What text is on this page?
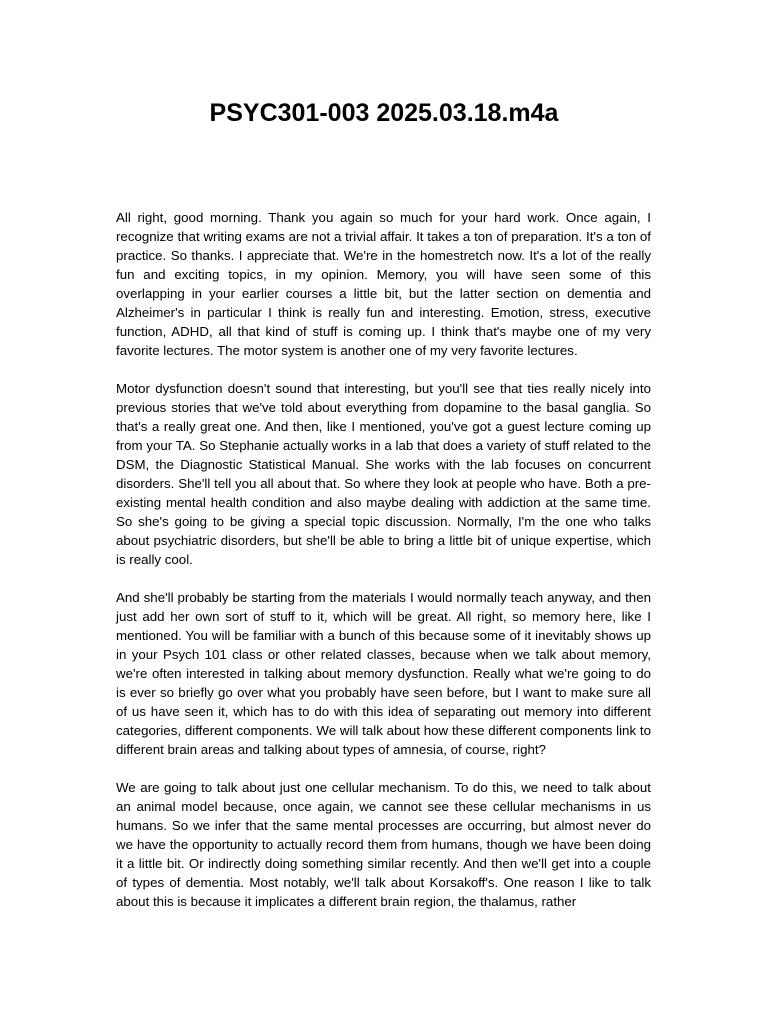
PSYC301-003 2025.03.18.m4a

All right, good morning. Thank you again so much for your hard work. Once again, I recognize that writing exams are not a trivial affair. It takes a ton of preparation. It's a ton of practice. So thanks. I appreciate that. We're in the homestretch now. It's a lot of the really fun and exciting topics, in my opinion. Memory, you will have seen some of this overlapping in your earlier courses a little bit, but the latter section on dementia and Alzheimer's in particular I think is really fun and interesting. Emotion, stress, executive function, ADHD, all that kind of stuff is coming up. I think that's maybe one of my very favorite lectures. The motor system is another one of my very favorite lectures.

Motor dysfunction doesn't sound that interesting, but you'll see that ties really nicely into previous stories that we've told about everything from dopamine to the basal ganglia. So that's a really great one. And then, like I mentioned, you've got a guest lecture coming up from your TA. So Stephanie actually works in a lab that does a variety of stuff related to the DSM, the Diagnostic Statistical Manual. She works with the lab focuses on concurrent disorders. She'll tell you all about that. So where they look at people who have. Both a pre-existing mental health condition and also maybe dealing with addiction at the same time. So she's going to be giving a special topic discussion. Normally, I'm the one who talks about psychiatric disorders, but she'll be able to bring a little bit of unique expertise, which is really cool.

And she'll probably be starting from the materials I would normally teach anyway, and then just add her own sort of stuff to it, which will be great. All right, so memory here, like I mentioned. You will be familiar with a bunch of this because some of it inevitably shows up in your Psych 101 class or other related classes, because when we talk about memory, we're often interested in talking about memory dysfunction. Really what we're going to do is ever so briefly go over what you probably have seen before, but I want to make sure all of us have seen it, which has to do with this idea of separating out memory into different categories, different components. We will talk about how these different components link to different brain areas and talking about types of amnesia, of course, right?

We are going to talk about just one cellular mechanism. To do this, we need to talk about an animal model because, once again, we cannot see these cellular mechanisms in us humans. So we infer that the same mental processes are occurring, but almost never do we have the opportunity to actually record them from humans, though we have been doing it a little bit. Or indirectly doing something similar recently. And then we'll get into a couple of types of dementia. Most notably, we'll talk about Korsakoff's. One reason I like to talk about this is because it implicates a different brain region, the thalamus, rather
